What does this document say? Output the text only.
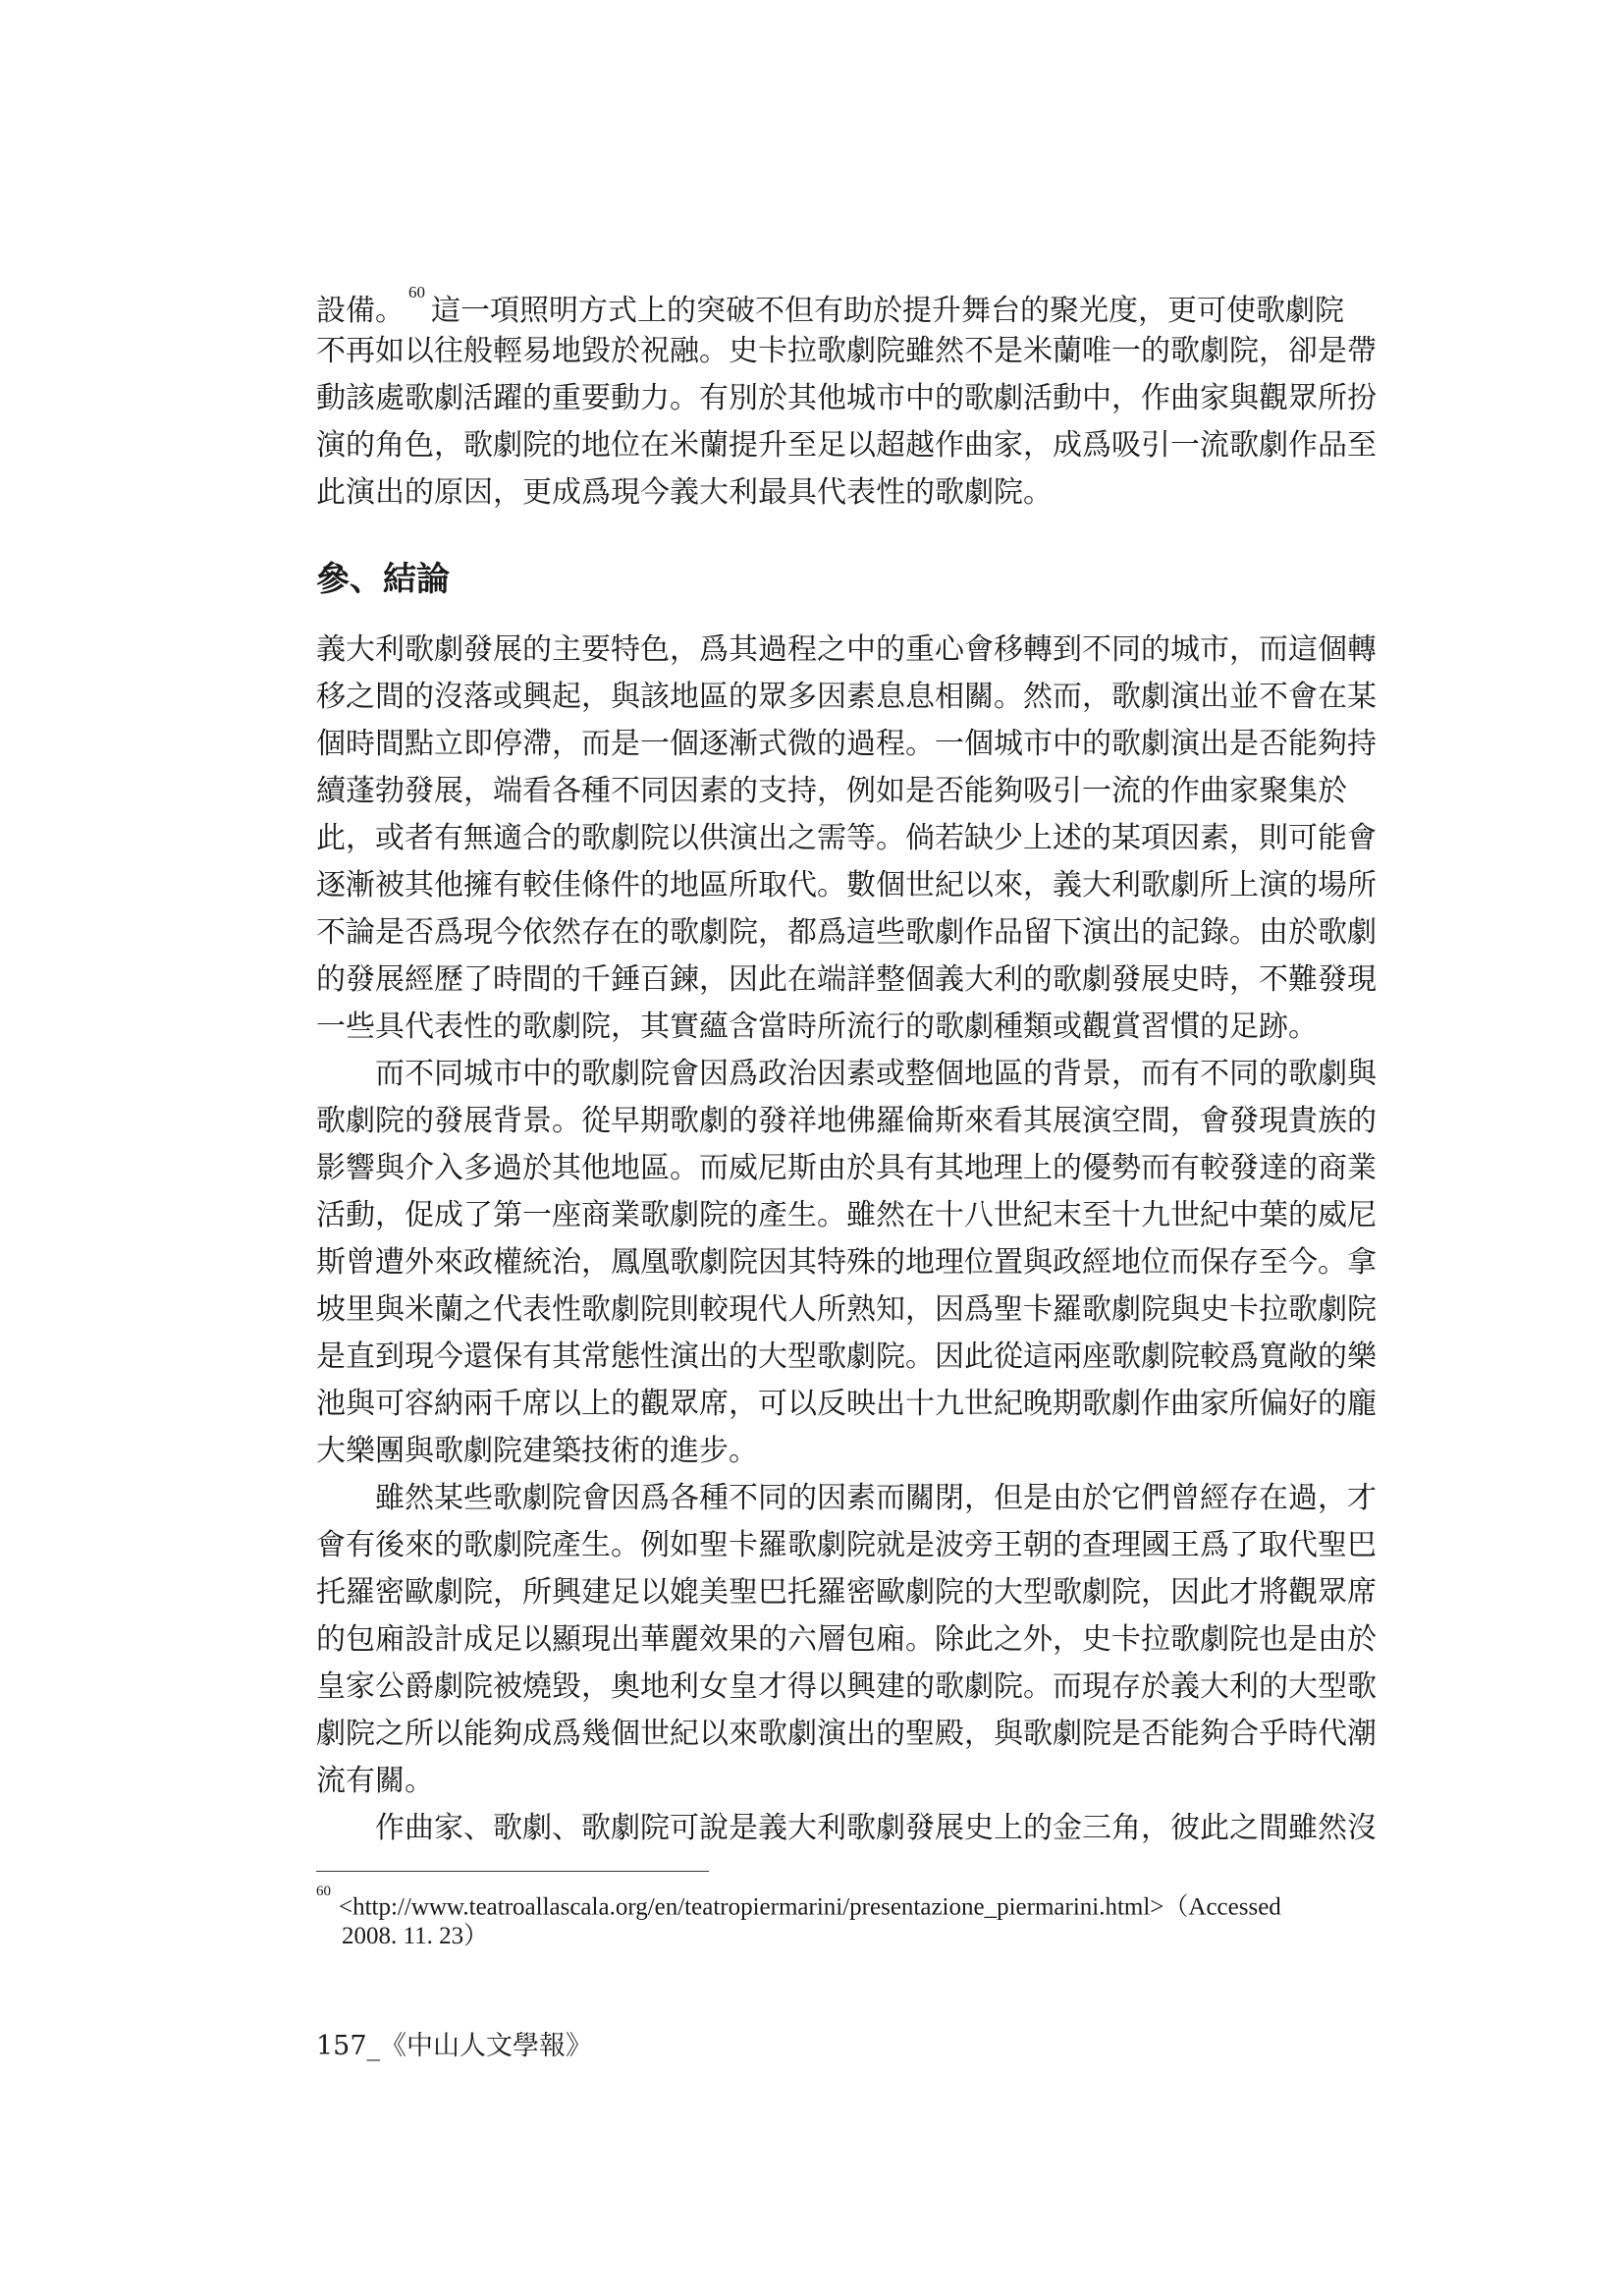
設備。$^{60}$這一項照明方式上的突破不但有助於提升舞台的聚光度，更可使歌劇院
不再如以往般輕易地毀於祝融。史卡拉歌劇院雖然不是米蘭唯一的歌劇院，卻是帶
動該處歌劇活躍的重要動力。有別於其他城市中的歌劇活動中，作曲家與觀眾所扮
演的角色，歌劇院的地位在米蘭提升至足以超越作曲家，成爲吸引一流歌劇作品至
此演出的原因，更成爲現今義大利最具代表性的歌劇院。
參、結論
義大利歌劇發展的主要特色，爲其過程之中的重心會移轉到不同的城市，而這個轉
移之間的沒落或興起，與該地區的眾多因素息息相關。然而，歌劇演出並不會在某
個時間點立即停滯，而是一個逐漸式微的過程。一個城市中的歌劇演出是否能夠持
續蓬勃發展，端看各種不同因素的支持，例如是否能夠吸引一流的作曲家聚集於
此，或者有無適合的歌劇院以供演出之需等。倘若缺少上述的某項因素，則可能會
逐漸被其他擁有較佳條件的地區所取代。數個世紀以來，義大利歌劇所上演的場所
不論是否爲現今依然存在的歌劇院，都爲這些歌劇作品留下演出的記錄。由於歌劇
的發展經歷了時間的千錘百鍊，因此在端詳整個義大利的歌劇發展史時，不難發現
一些具代表性的歌劇院，其實蘊含當時所流行的歌劇種類或觀賞習慣的足跡。
而不同城市中的歌劇院會因爲政治因素或整個地區的背景，而有不同的歌劇與
歌劇院的發展背景。從早期歌劇的發祥地佛羅倫斯來看其展演空間，會發現貴族的
影響與介入多過於其他地區。而威尼斯由於具有其地理上的優勢而有較發達的商業
活動，促成了第一座商業歌劇院的產生。雖然在十八世紀末至十九世紀中葉的威尼
斯曾遭外來政權統治，鳳凰歌劇院因其特殊的地理位置與政經地位而保存至今。拿
坡里與米蘭之代表性歌劇院則較現代人所熟知，因爲聖卡羅歌劇院與史卡拉歌劇院
是直到現今還保有其常態性演出的大型歌劇院。因此從這兩座歌劇院較爲寬敞的樂
池與可容納兩千席以上的觀眾席，可以反映出十九世紀晚期歌劇作曲家所偏好的龐
大樂團與歌劇院建築技術的進步。
雖然某些歌劇院會因爲各種不同的因素而關閉，但是由於它們曾經存在過，才
會有後來的歌劇院產生。例如聖卡羅歌劇院就是波旁王朝的查理國王爲了取代聖巴
托羅密歐劇院，所興建足以媲美聖巴托羅密歐劇院的大型歌劇院，因此才將觀眾席
的包廂設計成足以顯現出華麗效果的六層包廂。除此之外，史卡拉歌劇院也是由於
皇家公爵劇院被燒毀，奧地利女皇才得以興建的歌劇院。而現存於義大利的大型歌
劇院之所以能夠成爲幾個世紀以來歌劇演出的聖殿，與歌劇院是否能夠合乎時代潮
流有關。
作曲家、歌劇、歌劇院可說是義大利歌劇發展史上的金三角，彼此之間雖然沒
$^{60}$<http://www.teatroallascala.org/en/teatropiermarini/presentazione_piermarini.html>（Accessed
2008. 11. 23）
157_《中山人文學報》
